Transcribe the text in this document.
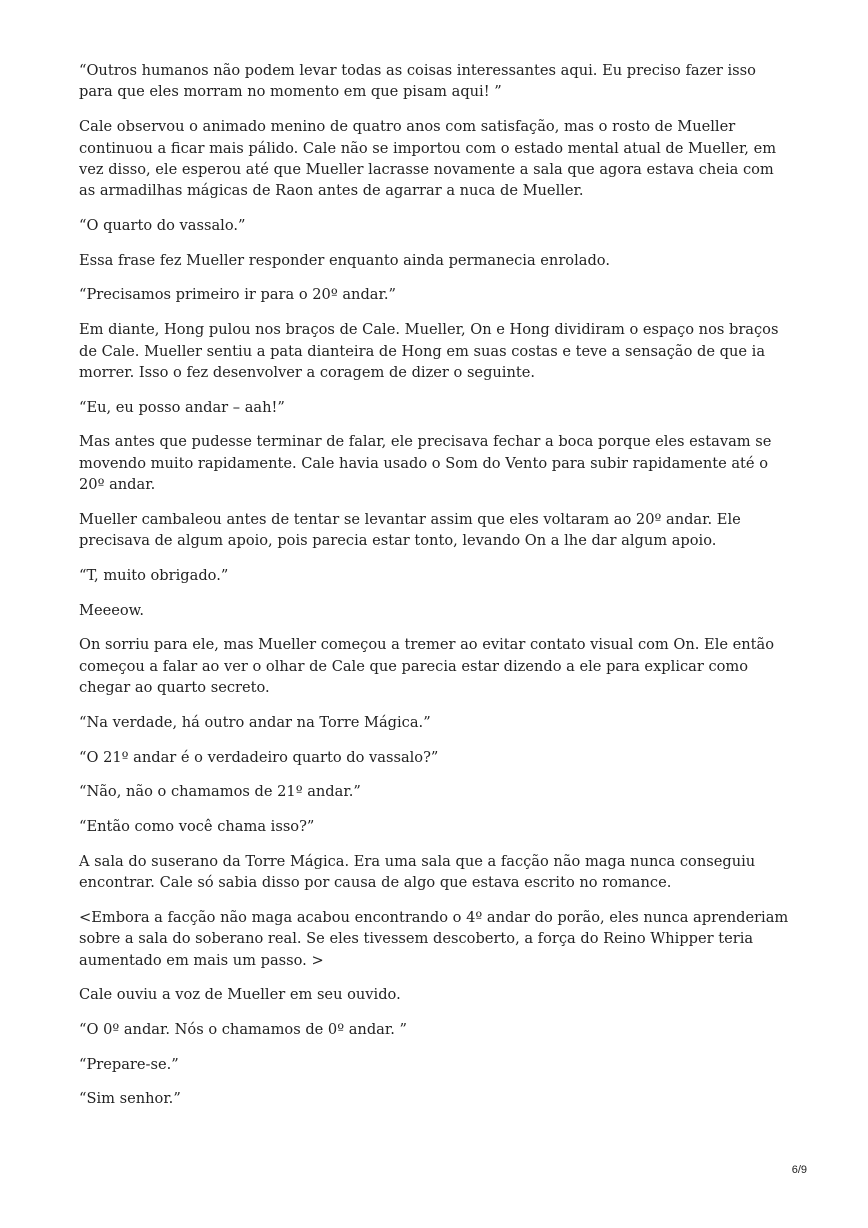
“Outros humanos não podem levar todas as coisas interessantes aqui. Eu preciso fazer isso para que eles morram no momento em que pisam aqui! ”

Cale observou o animado menino de quatro anos com satisfação, mas o rosto de Mueller continuou a ficar mais pálido. Cale não se importou com o estado mental atual de Mueller, em vez disso, ele esperou até que Mueller lacrasse novamente a sala que agora estava cheia com as armadilhas mágicas de Raon antes de agarrar a nuca de Mueller.

“O quarto do vassalo.”

Essa frase fez Mueller responder enquanto ainda permanecia enrolado.

“Precisamos primeiro ir para o 20º andar.”

Em diante, Hong pulou nos braços de Cale. Mueller, On e Hong dividiram o espaço nos braços de Cale. Mueller sentiu a pata dianteira de Hong em suas costas e teve a sensação de que ia morrer. Isso o fez desenvolver a coragem de dizer o seguinte.

“Eu, eu posso andar – aah!”

Mas antes que pudesse terminar de falar, ele precisava fechar a boca porque eles estavam se movendo muito rapidamente. Cale havia usado o Som do Vento para subir rapidamente até o 20º andar.

Mueller cambaleou antes de tentar se levantar assim que eles voltaram ao 20º andar. Ele precisava de algum apoio, pois parecia estar tonto, levando On a lhe dar algum apoio.

“T, muito obrigado.”

Meeeow.

On sorriu para ele, mas Mueller começou a tremer ao evitar contato visual com On. Ele então começou a falar ao ver o olhar de Cale que parecia estar dizendo a ele para explicar como chegar ao quarto secreto.

“Na verdade, há outro andar na Torre Mágica.”

“O 21º andar é o verdadeiro quarto do vassalo?”

“Não, não o chamamos de 21º andar.”

“Então como você chama isso?”

A sala do suserano da Torre Mágica. Era uma sala que a facção não maga nunca conseguiu encontrar. Cale só sabia disso por causa de algo que estava escrito no romance.

<Embora a facção não maga acabou encontrando o 4º andar do porão, eles nunca aprenderiam sobre a sala do soberano real. Se eles tivessem descoberto, a força do Reino Whipper teria aumentado em mais um passo. >

Cale ouviu a voz de Mueller em seu ouvido.

“O 0º andar. Nós o chamamos de 0º andar. ”

“Prepare-se.”

“Sim senhor.”

6/9
